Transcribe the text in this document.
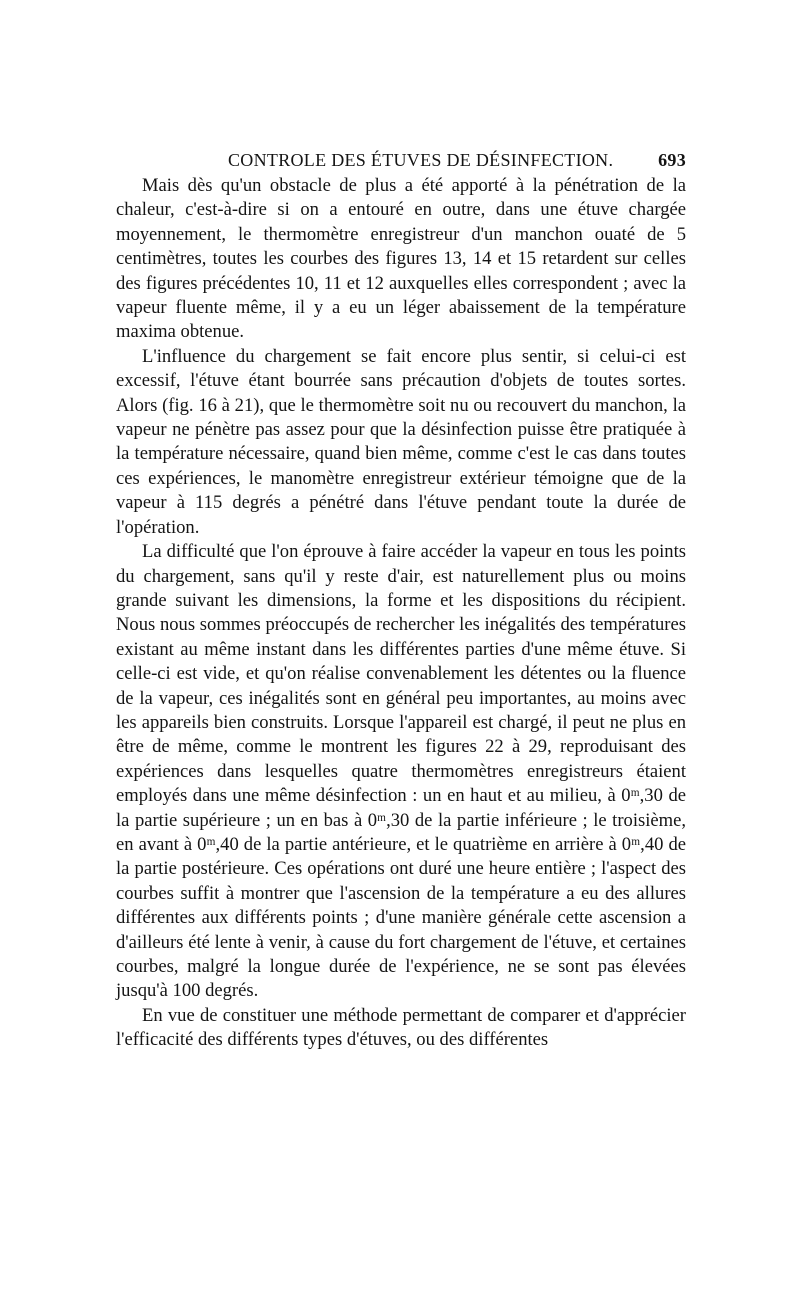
CONTROLE DES ÉTUVES DE DÉSINFECTION. 693

Mais dès qu'un obstacle de plus a été apporté à la pénétration de la chaleur, c'est-à-dire si on a entouré en outre, dans une étuve chargée moyennement, le thermomètre enregistreur d'un manchon ouaté de 5 centimètres, toutes les courbes des figures 13, 14 et 15 retardent sur celles des figures précédentes 10, 11 et 12 auxquelles elles correspondent ; avec la vapeur fluente même, il y a eu un léger abaissement de la température maxima obtenue.

L'influence du chargement se fait encore plus sentir, si celui-ci est excessif, l'étuve étant bourrée sans précaution d'objets de toutes sortes. Alors (fig. 16 à 21), que le thermomètre soit nu ou recouvert du manchon, la vapeur ne pénètre pas assez pour que la désinfection puisse être pratiquée à la température nécessaire, quand bien même, comme c'est le cas dans toutes ces expériences, le manomètre enregistreur extérieur témoigne que de la vapeur à 115 degrés a pénétré dans l'étuve pendant toute la durée de l'opération.

La difficulté que l'on éprouve à faire accéder la vapeur en tous les points du chargement, sans qu'il y reste d'air, est naturellement plus ou moins grande suivant les dimensions, la forme et les dispositions du récipient. Nous nous sommes préoccupés de rechercher les inégalités des températures existant au même instant dans les différentes parties d'une même étuve. Si celle-ci est vide, et qu'on réalise convenablement les détentes ou la fluence de la vapeur, ces inégalités sont en général peu importantes, au moins avec les appareils bien construits. Lorsque l'appareil est chargé, il peut ne plus en être de même, comme le montrent les figures 22 à 29, reproduisant des expériences dans lesquelles quatre thermomètres enregistreurs étaient employés dans une même désinfection : un en haut et au milieu, à 0ᵐ,30 de la partie supérieure ; un en bas à 0ᵐ,30 de la partie inférieure ; le troisième, en avant à 0ᵐ,40 de la partie antérieure, et le quatrième en arrière à 0ᵐ,40 de la partie postérieure. Ces opérations ont duré une heure entière ; l'aspect des courbes suffit à montrer que l'ascension de la température a eu des allures différentes aux différents points ; d'une manière générale cette ascension a d'ailleurs été lente à venir, à cause du fort chargement de l'étuve, et certaines courbes, malgré la longue durée de l'expérience, ne se sont pas élevées jusqu'à 100 degrés.

En vue de constituer une méthode permettant de comparer et d'apprécier l'efficacité des différents types d'étuves, ou des différentes
